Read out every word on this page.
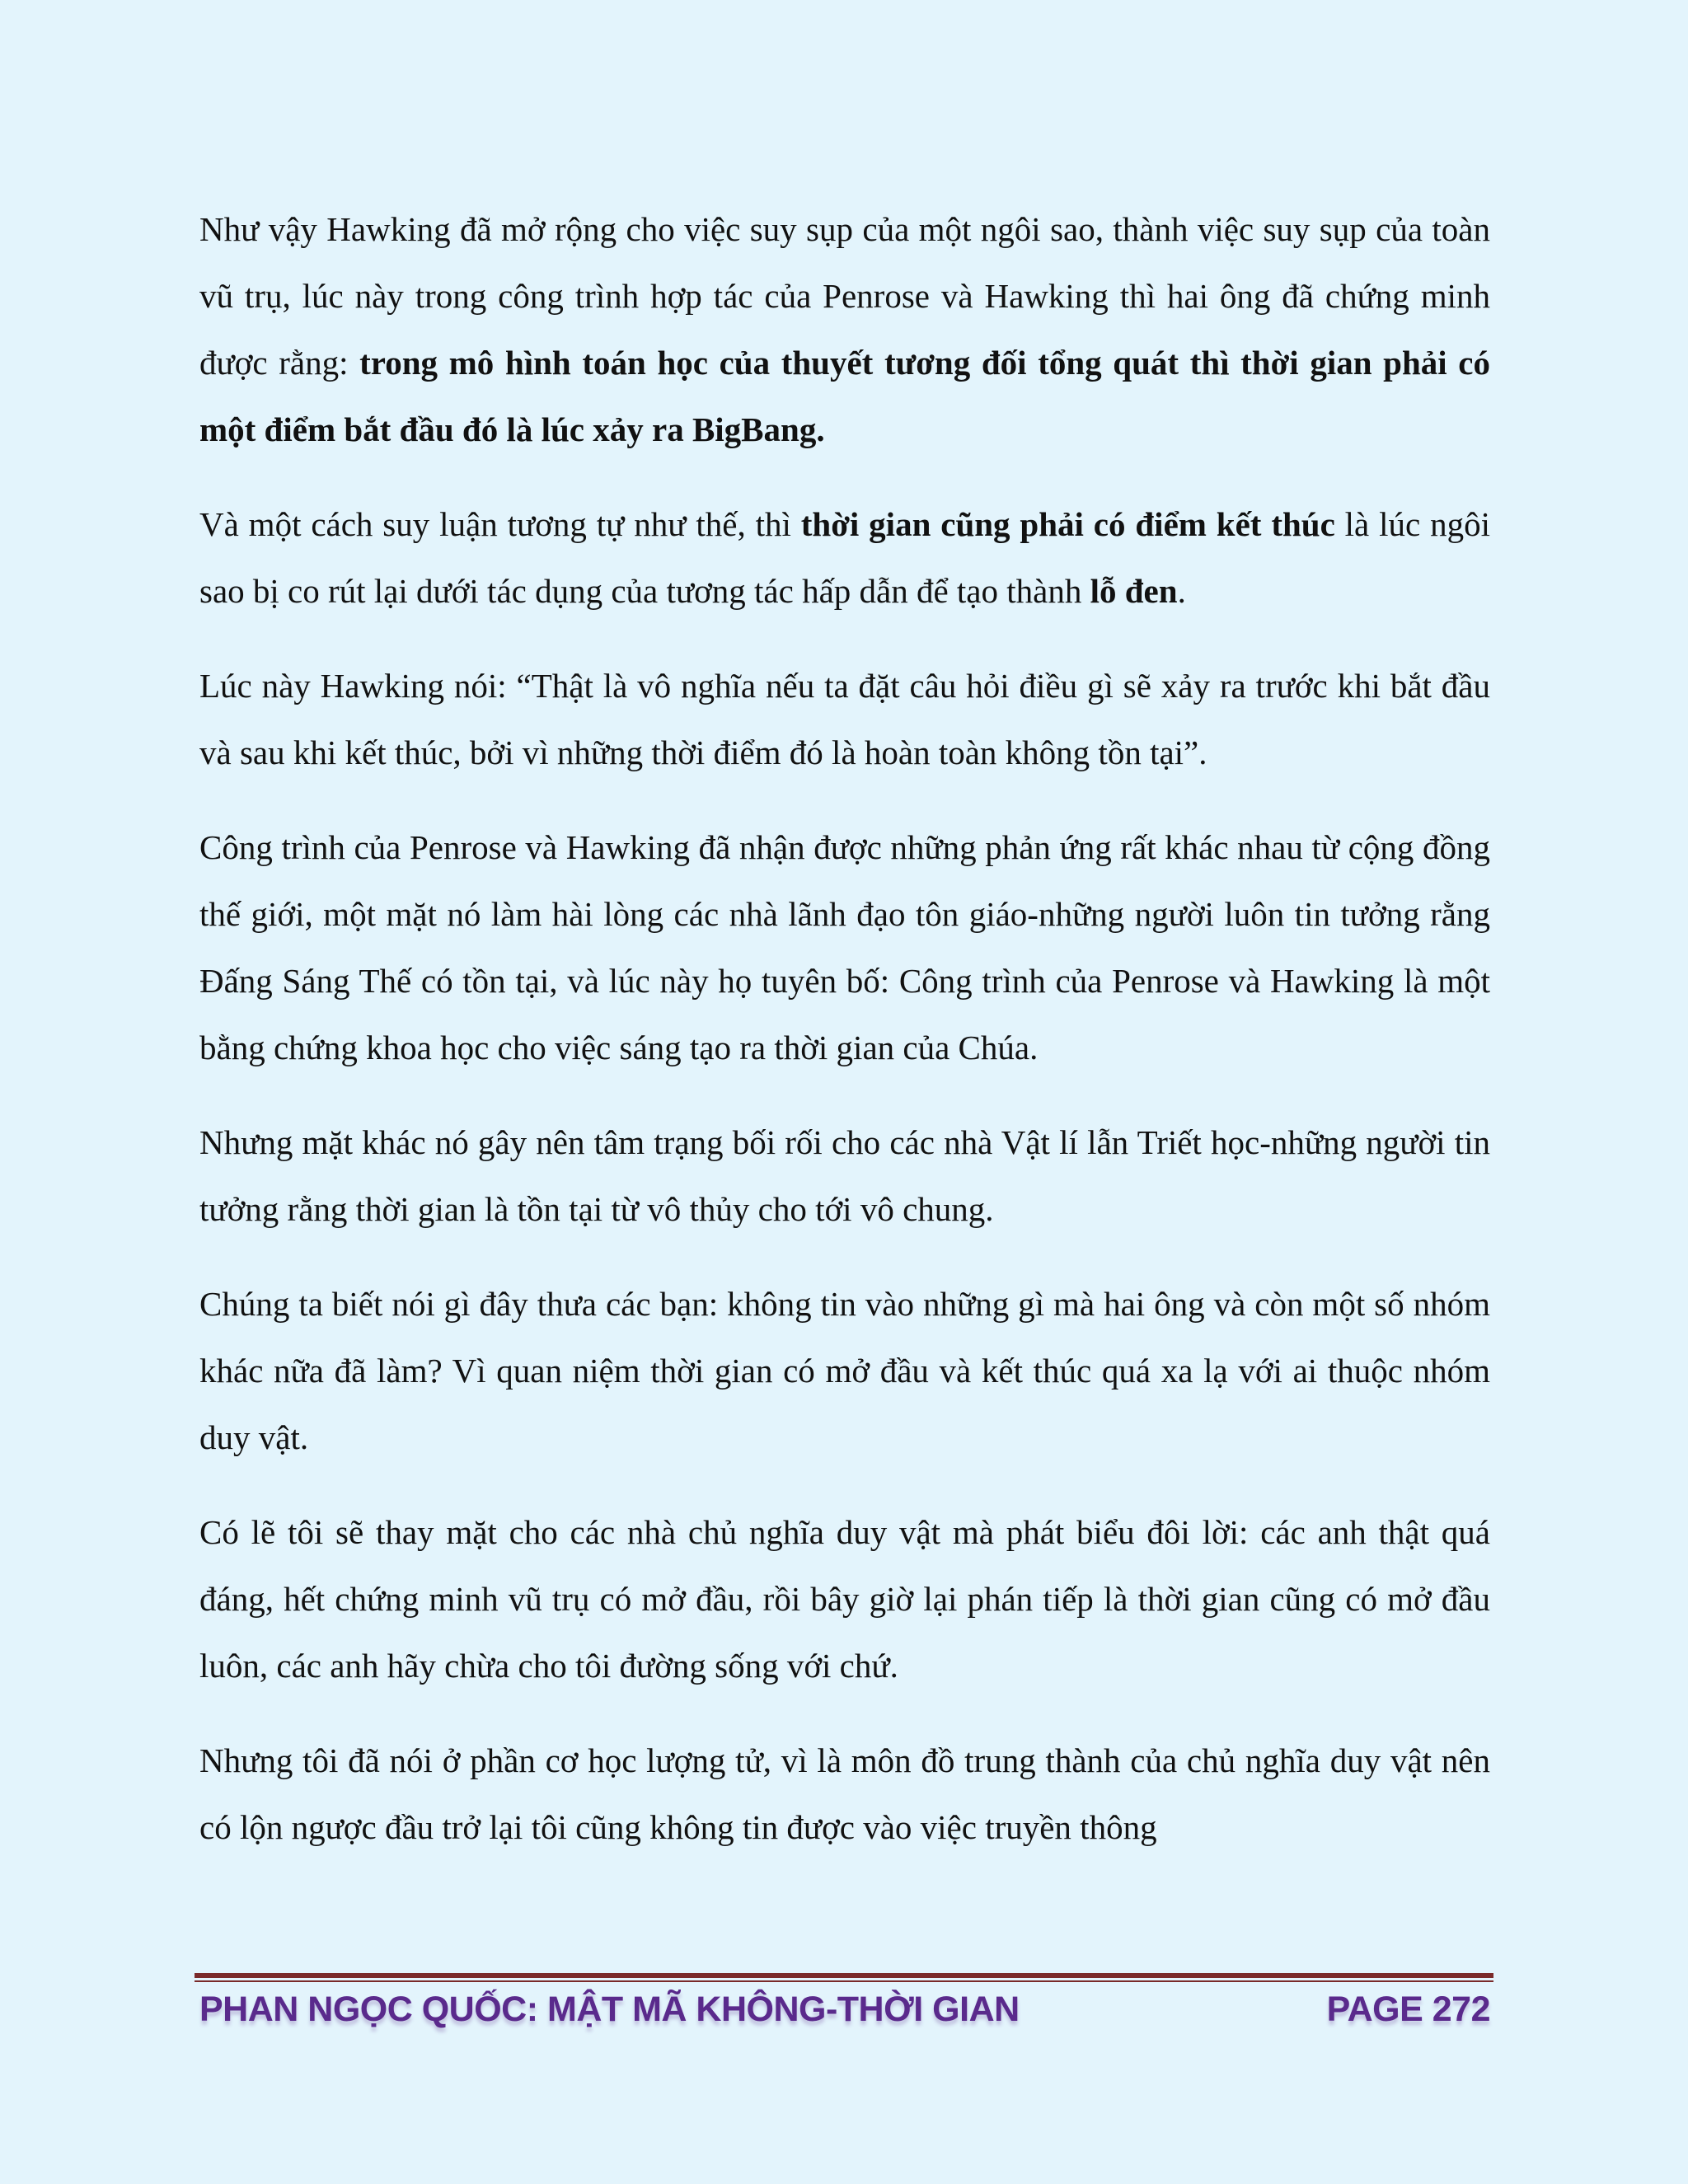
Như vậy Hawking đã mở rộng cho việc suy sụp của một ngôi sao, thành việc suy sụp của toàn vũ trụ, lúc này trong công trình hợp tác của Penrose và Hawking thì hai ông đã chứng minh được rằng: trong mô hình toán học của thuyết tương đối tổng quát thì thời gian phải có một điểm bắt đầu đó là lúc xảy ra BigBang.

Và một cách suy luận tương tự như thế, thì thời gian cũng phải có điểm kết thúc là lúc ngôi sao bị co rút lại dưới tác dụng của tương tác hấp dẫn để tạo thành lỗ đen.

Lúc này Hawking nói: “Thật là vô nghĩa nếu ta đặt câu hỏi điều gì sẽ xảy ra trước khi bắt đầu và sau khi kết thúc, bởi vì những thời điểm đó là hoàn toàn không tồn tại”.

Công trình của Penrose và Hawking đã nhận được những phản ứng rất khác nhau từ cộng đồng thế giới, một mặt nó làm hài lòng các nhà lãnh đạo tôn giáo-những người luôn tin tưởng rằng Đấng Sáng Thế có tồn tại, và lúc này họ tuyên bố: Công trình của Penrose và Hawking là một bằng chứng khoa học cho việc sáng tạo ra thời gian của Chúa.

Nhưng mặt khác nó gây nên tâm trạng bối rối cho các nhà Vật lí lẫn Triết học-những người tin tưởng rằng thời gian là tồn tại từ vô thủy cho tới vô chung.

Chúng ta biết nói gì đây thưa các bạn: không tin vào những gì mà hai ông và còn một số nhóm khác nữa đã làm? Vì quan niệm thời gian có mở đầu và kết thúc quá xa lạ với ai thuộc nhóm duy vật.

Có lẽ tôi sẽ thay mặt cho các nhà chủ nghĩa duy vật mà phát biểu đôi lời: các anh thật quá đáng, hết chứng minh vũ trụ có mở đầu, rồi bây giờ lại phán tiếp là thời gian cũng có mở đầu luôn, các anh hãy chừa cho tôi đường sống với chứ.

Nhưng tôi đã nói ở phần cơ học lượng tử, vì là môn đồ trung thành của chủ nghĩa duy vật nên có lộn ngược đầu trở lại tôi cũng không tin được vào việc truyền thông

PHAN NGỌC QUỐC: MẬT MÃ KHÔNG-THỜI GIAN	PAGE 272
